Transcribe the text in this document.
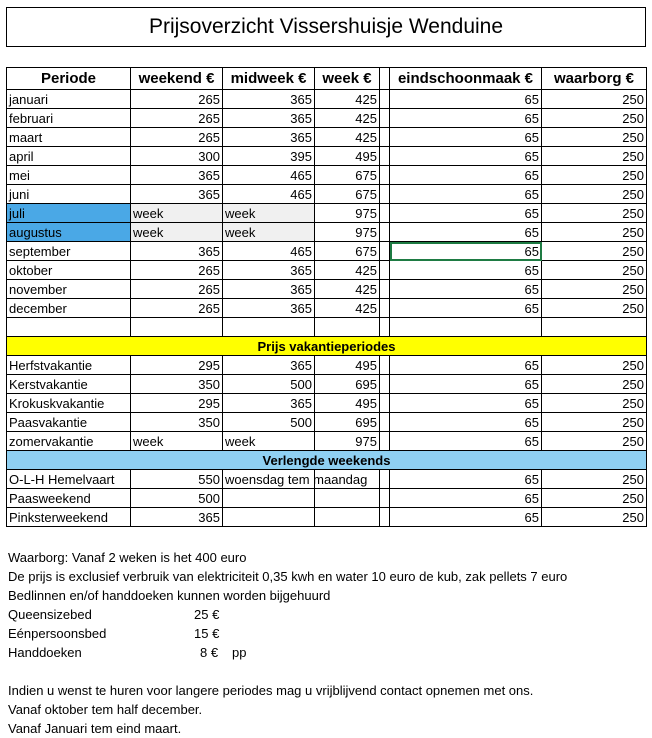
Prijsoverzicht Vissershuisje Wenduine
Periode	weekend €	midweek €	week €		eindschoonmaak €	waarborg €
januari	265	365	425		65	250
februari	265	365	425		65	250
maart	265	365	425		65	250
april	300	395	495		65	250
mei	365	465	675		65	250
juni	365	465	675		65	250
juli	week	week	975		65	250
augustus	week	week	975		65	250
september	365	465	675		65	250
oktober	265	365	425		65	250
november	265	365	425		65	250
december	265	365	425		65	250

Prijs vakantieperiodes						
Herfstvakantie	295	365	495		65	250
Kerstvakantie	350	500	695		65	250
Krokuskvakantie	295	365	495		65	250
Paasvakantie	350	500	695		65	250
zomervakantie	week	week	975		65	250
Verlengde weekends						
O-L-H Hemelvaart	550	woensdag tem maandag			65	250
Paasweekend	500				65	250
Pinksterweekend	365				65	250
Waarborg: Vanaf 2 weken is het 400 euro
De prijs is exclusief verbruik van elektriciteit 0,35 kwh en water 10 euro de kub, zak pellets 7 euro
Bedlinnen en/of handdoeken kunnen worden bijgehuurd
Queensizebed	25 €
Eénpersoonsbed	15 €
Handdoeken	8 € pp
Indien u wenst te huren voor langere periodes mag u vrijblijvend contact opnemen met ons.
Vanaf oktober tem half december.
Vanaf Januari tem eind maart.
